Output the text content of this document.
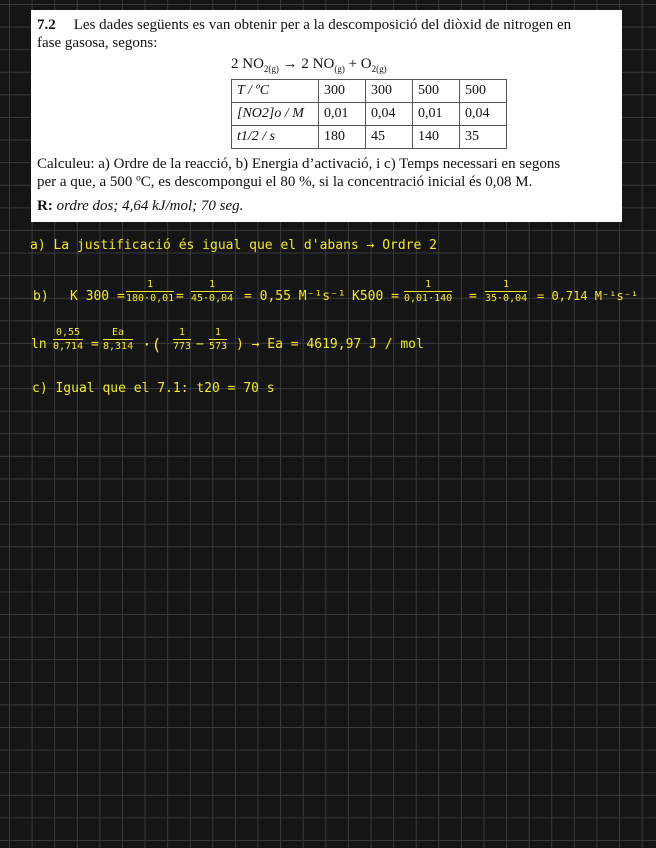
7.2 Les dades següents es van obtenir per a la descomposició del diòxid de nitrogen en
fase gasosa, segons:

2 $NO_{2(g)} \to 2$ $NO_{(g)} + O_{2(g)}$
T / ºC	300	300	500	500
[NO2]o / M	0,01	0,04	0,01	0,04
t1/2 / s	180	45	140	35

Calculeu: a) Ordre de la reacció, b) Energia d’activació, i c) Temps necessari en segons
per a que, a 500 ºC, es descompongui el 80 %, si la concentració inicial és 0,08 M.

R: ordre dos; 4,64 kJ/mol; 70 seg.

a) La justificació és igual que el d'abans → Ordre 2
b) K $300 = \frac{1}{180\cdot 0,01} = \frac{1}{45\cdot 0,04} = 0,55$ M⁻¹s⁻¹ $K500 = \frac{1}{0,01\cdot 140} = \frac{1}{35\cdot 0,04} = 0,714$ M⁻¹s⁻¹
$\ln \frac{0,55}{0,714} = \frac{Ea}{8,314}$ ·( $\frac{1}{773} - \frac{1}{573}$ ) → Ea = 4619,97 J / mol
c) Igual que el 7.1: t20 = 70 s
